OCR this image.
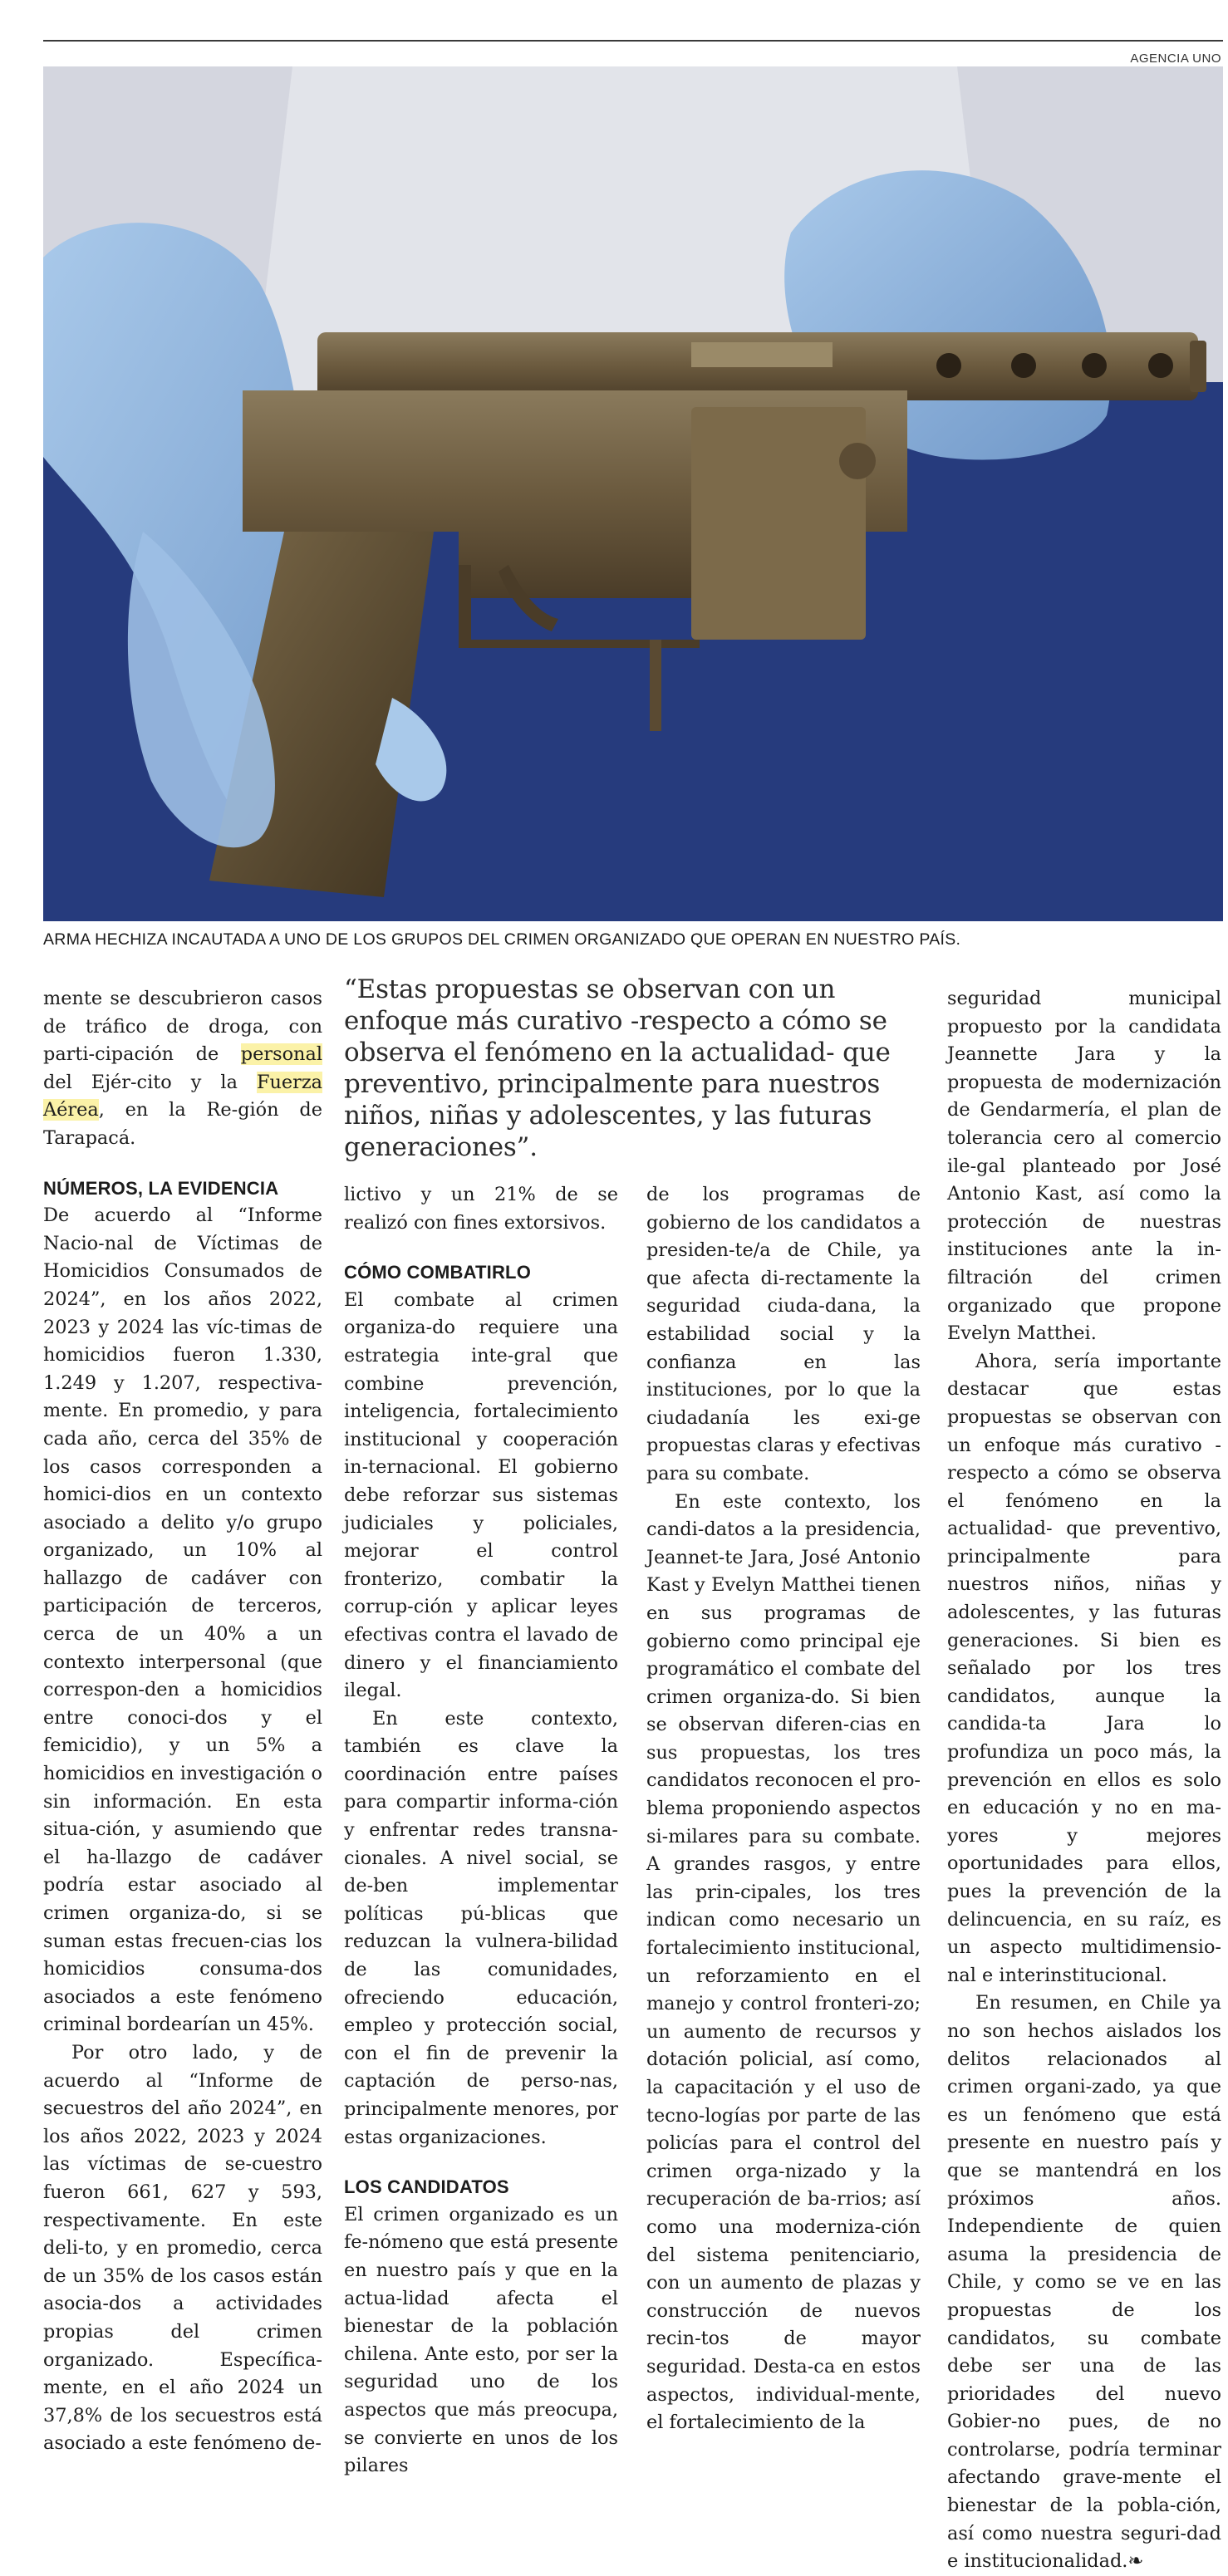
AGENCIA UNO
ARMA HECHIZA INCAUTADA A UNO DE LOS GRUPOS DEL CRIMEN ORGANIZADO QUE OPERAN EN NUESTRO PAÍS.

mente se descubrieron casos de tráfico de droga, con parti-cipación de personal del Ejér-cito y la Fuerza Aérea, en la Re-gión de Tarapacá.

NÚMEROS, LA EVIDENCIA

De acuerdo al “Informe Nacio-nal de Víctimas de Homicidios Consumados de 2024”, en los años 2022, 2023 y 2024 las víc-timas de homicidios fueron 1.330, 1.249 y 1.207, respectiva-mente. En promedio, y para cada año, cerca del 35% de los casos corresponden a homici-dios en un contexto asociado a delito y/o grupo organizado, un 10% al hallazgo de cadáver con participación de terceros, cerca de un 40% a un contexto interpersonal (que correspon-den a homicidios entre conoci-dos y el femicidio), y un 5% a homicidios en investigación o sin información. En esta situa-ción, y asumiendo que el ha-llazgo de cadáver podría estar asociado al crimen organiza-do, si se suman estas frecuen-cias los homicidios consuma-dos asociados a este fenómeno criminal bordearían un 45%.

Por otro lado, y de acuerdo al “Informe de secuestros del año 2024”, en los años 2022, 2023 y 2024 las víctimas de se-cuestro fueron 661, 627 y 593, respectivamente. En este deli-to, y en promedio, cerca de un 35% de los casos están asocia-dos a actividades propias del crimen organizado. Específica-mente, en el año 2024 un 37,8% de los secuestros está asociado a este fenómeno de-

“Estas propuestas se observan con un enfoque más curativo -respecto a cómo se observa el fenómeno en la actualidad- que preventivo, principalmente para nuestros niños, niñas y adolescentes, y las futuras generaciones”.

lictivo y un 21% de se realizó con fines extorsivos.

CÓMO COMBATIRLO

El combate al crimen organiza-do requiere una estrategia inte-gral que combine prevención, inteligencia, fortalecimiento institucional y cooperación in-ternacional. El gobierno debe reforzar sus sistemas judiciales y policiales, mejorar el control fronterizo, combatir la corrup-ción y aplicar leyes efectivas contra el lavado de dinero y el financiamiento ilegal.

En este contexto, también es clave la coordinación entre países para compartir informa-ción y enfrentar redes transna-cionales. A nivel social, se de-ben implementar políticas pú-blicas que reduzcan la vulnera-bilidad de las comunidades, ofreciendo educación, empleo y protección social, con el fin de prevenir la captación de perso-nas, principalmente menores, por estas organizaciones.

LOS CANDIDATOS

El crimen organizado es un fe-nómeno que está presente en nuestro país y que en la actua-lidad afecta el bienestar de la población chilena. Ante esto, por ser la seguridad uno de los aspectos que más preocupa, se convierte en unos de los pilares

de los programas de gobierno de los candidatos a presiden-te/a de Chile, ya que afecta di-rectamente la seguridad ciuda-dana, la estabilidad social y la confianza en las instituciones, por lo que la ciudadanía les exi-ge propuestas claras y efectivas para su combate.

En este contexto, los candi-datos a la presidencia, Jeannet-te Jara, José Antonio Kast y Evelyn Matthei tienen en sus programas de gobierno como principal eje programático el combate del crimen organiza-do. Si bien se observan diferen-cias en sus propuestas, los tres candidatos reconocen el pro-blema proponiendo aspectos si-milares para su combate. A grandes rasgos, y entre las prin-cipales, los tres indican como necesario un fortalecimiento institucional, un reforzamiento en el manejo y control fronteri-zo; un aumento de recursos y dotación policial, así como, la capacitación y el uso de tecno-logías por parte de las policías para el control del crimen orga-nizado y la recuperación de ba-rrios; así como una moderniza-ción del sistema penitenciario, con un aumento de plazas y construcción de nuevos recin-tos de mayor seguridad. Desta-ca en estos aspectos, individual-mente, el fortalecimiento de la

seguridad municipal propuesto por la candidata Jeannette Jara y la propuesta de modernización de Gendarmería, el plan de tolerancia cero al comercio ile-gal planteado por José Antonio Kast, así como la protección de nuestras instituciones ante la in-filtración del crimen organizado que propone Evelyn Matthei.

Ahora, sería importante destacar que estas propuestas se observan con un enfoque más curativo -respecto a cómo se observa el fenómeno en la actualidad- que preventivo, principalmente para nuestros niños, niñas y adolescentes, y las futuras generaciones. Si bien es señalado por los tres candidatos, aunque la candida-ta Jara lo profundiza un poco más, la prevención en ellos es solo en educación y no en ma-yores y mejores oportunidades para ellos, pues la prevención de la delincuencia, en su raíz, es un aspecto multidimensio-nal e interinstitucional.

En resumen, en Chile ya no son hechos aislados los delitos relacionados al crimen organi-zado, ya que es un fenómeno que está presente en nuestro país y que se mantendrá en los próximos años. Independiente de quien asuma la presidencia de Chile, y como se ve en las propuestas de los candidatos, su combate debe ser una de las prioridades del nuevo Gobier-no pues, de no controlarse, podría terminar afectando grave-mente el bienestar de la pobla-ción, así como nuestra seguri-dad e institucionalidad.❧
